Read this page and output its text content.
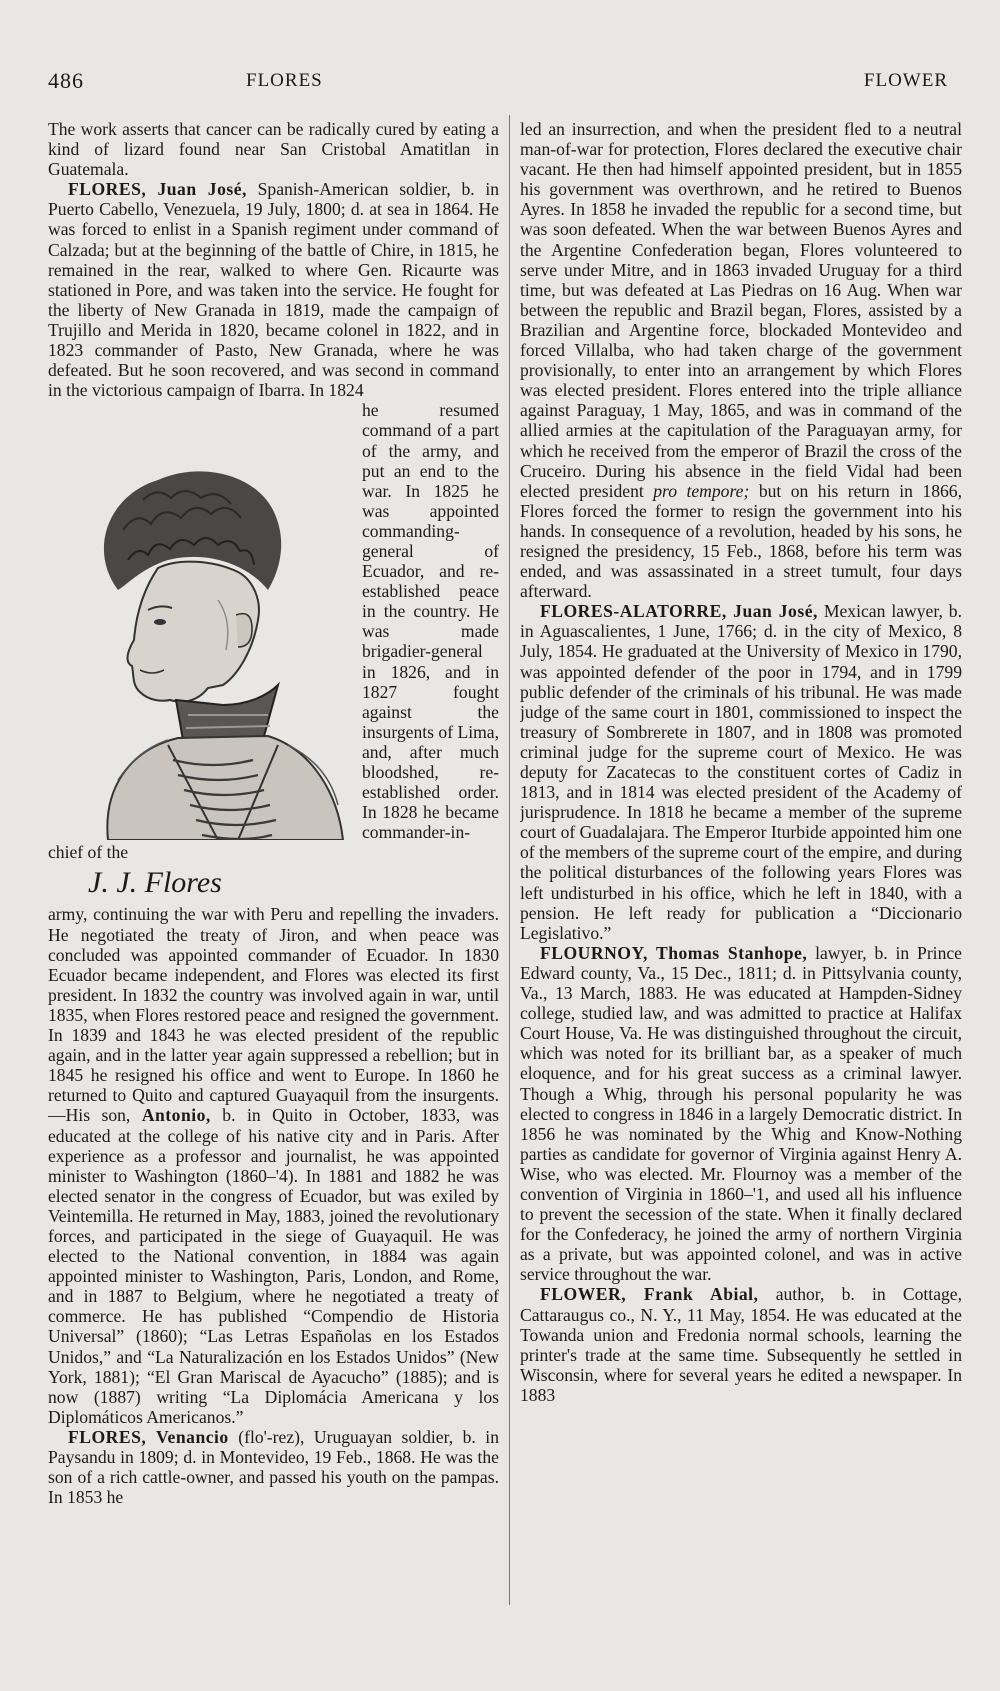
486	FLORES	FLOWER

The work asserts that cancer can be radically cured by eating a kind of lizard found near San Cristobal Amatitlan in Guatemala.

FLORES, Juan José, Spanish-American soldier, b. in Puerto Cabello, Venezuela, 19 July, 1800; d. at sea in 1864. He was forced to enlist in a Spanish regiment under command of Calzada; but at the beginning of the battle of Chire, in 1815, he remained in the rear, walked to where Gen. Ricaurte was stationed in Pore, and was taken into the service. He fought for the liberty of New Granada in 1819, made the campaign of Trujillo and Merida in 1820, became colonel in 1822, and in 1823 commander of Pasto, New Granada, where he was defeated. But he soon recovered, and was second in command in the victorious campaign of Ibarra. In 1824

he resumed command of a part of the army, and put an end to the war. In 1825 he was appointed commanding-general of Ecuador, and re-established peace in the country. He was made brigadier-general in 1826, and in 1827 fought against the insurgents of Lima, and, after much bloodshed, re-established order. In 1828 he became commander-in-chief of the

J. J. Flores

army, continuing the war with Peru and repelling the invaders. He negotiated the treaty of Jiron, and when peace was concluded was appointed commander of Ecuador. In 1830 Ecuador became independent, and Flores was elected its first president. In 1832 the country was involved again in war, until 1835, when Flores restored peace and resigned the government. In 1839 and 1843 he was elected president of the republic again, and in the latter year again suppressed a rebellion; but in 1845 he resigned his office and went to Europe. In 1860 he returned to Quito and captured Guayaquil from the insurgents.—His son, Antonio, b. in Quito in October, 1833, was educated at the college of his native city and in Paris. After experience as a professor and journalist, he was appointed minister to Washington (1860–'4). In 1881 and 1882 he was elected senator in the congress of Ecuador, but was exiled by Veintemilla. He returned in May, 1883, joined the revolutionary forces, and participated in the siege of Guayaquil. He was elected to the National convention, in 1884 was again appointed minister to Washington, Paris, London, and Rome, and in 1887 to Belgium, where he negotiated a treaty of commerce. He has published “Compendio de Historia Universal” (1860); “Las Letras Españolas en los Estados Unidos,” and “La Naturalización en los Estados Unidos” (New York, 1881); “El Gran Mariscal de Ayacucho” (1885); and is now (1887) writing “La Diplomácia Americana y los Diplomáticos Americanos.”

FLORES, Venancio (flo'-rez), Uruguayan soldier, b. in Paysandu in 1809; d. in Montevideo, 19 Feb., 1868. He was the son of a rich cattle-owner, and passed his youth on the pampas. In 1853 he

led an insurrection, and when the president fled to a neutral man-of-war for protection, Flores declared the executive chair vacant. He then had himself appointed president, but in 1855 his government was overthrown, and he retired to Buenos Ayres. In 1858 he invaded the republic for a second time, but was soon defeated. When the war between Buenos Ayres and the Argentine Confederation began, Flores volunteered to serve under Mitre, and in 1863 invaded Uruguay for a third time, but was defeated at Las Piedras on 16 Aug. When war between the republic and Brazil began, Flores, assisted by a Brazilian and Argentine force, blockaded Montevideo and forced Villalba, who had taken charge of the government provisionally, to enter into an arrangement by which Flores was elected president. Flores entered into the triple alliance against Paraguay, 1 May, 1865, and was in command of the allied armies at the capitulation of the Paraguayan army, for which he received from the emperor of Brazil the cross of the Cruceiro. During his absence in the field Vidal had been elected president pro tempore; but on his return in 1866, Flores forced the former to resign the government into his hands. In consequence of a revolution, headed by his sons, he resigned the presidency, 15 Feb., 1868, before his term was ended, and was assassinated in a street tumult, four days afterward.

FLORES-ALATORRE, Juan José, Mexican lawyer, b. in Aguascalientes, 1 June, 1766; d. in the city of Mexico, 8 July, 1854. He graduated at the University of Mexico in 1790, was appointed defender of the poor in 1794, and in 1799 public defender of the criminals of his tribunal. He was made judge of the same court in 1801, commissioned to inspect the treasury of Sombrerete in 1807, and in 1808 was promoted criminal judge for the supreme court of Mexico. He was deputy for Zacatecas to the constituent cortes of Cadiz in 1813, and in 1814 was elected president of the Academy of jurisprudence. In 1818 he became a member of the supreme court of Guadalajara. The Emperor Iturbide appointed him one of the members of the supreme court of the empire, and during the political disturbances of the following years Flores was left undisturbed in his office, which he left in 1840, with a pension. He left ready for publication a “Diccionario Legislativo.”

FLOURNOY, Thomas Stanhope, lawyer, b. in Prince Edward county, Va., 15 Dec., 1811; d. in Pittsylvania county, Va., 13 March, 1883. He was educated at Hampden-Sidney college, studied law, and was admitted to practice at Halifax Court House, Va. He was distinguished throughout the circuit, which was noted for its brilliant bar, as a speaker of much eloquence, and for his great success as a criminal lawyer. Though a Whig, through his personal popularity he was elected to congress in 1846 in a largely Democratic district. In 1856 he was nominated by the Whig and Know-Nothing parties as candidate for governor of Virginia against Henry A. Wise, who was elected. Mr. Flournoy was a member of the convention of Virginia in 1860–'1, and used all his influence to prevent the secession of the state. When it finally declared for the Confederacy, he joined the army of northern Virginia as a private, but was appointed colonel, and was in active service throughout the war.

FLOWER, Frank Abial, author, b. in Cottage, Cattaraugus co., N. Y., 11 May, 1854. He was educated at the Towanda union and Fredonia normal schools, learning the printer's trade at the same time. Subsequently he settled in Wisconsin, where for several years he edited a newspaper. In 1883
